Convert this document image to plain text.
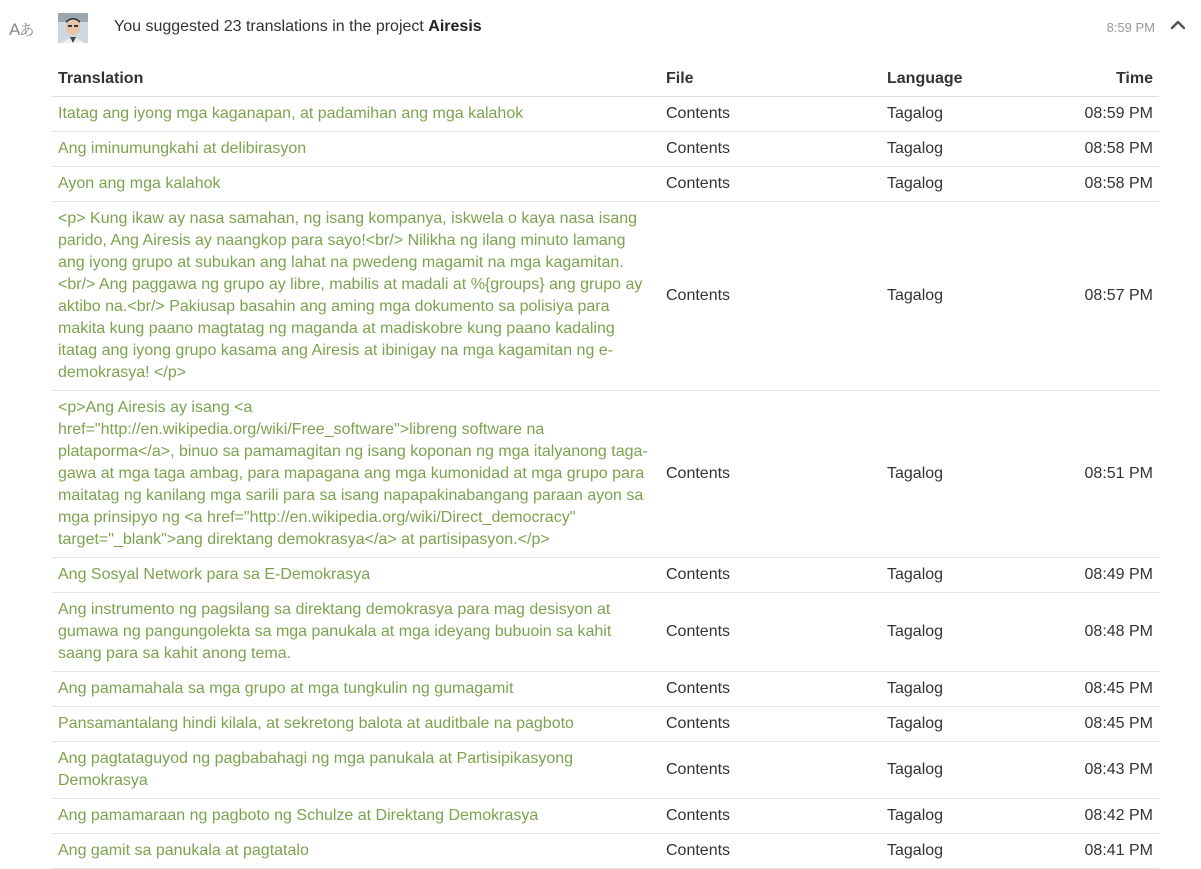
Aあ	You suggested 23 translations in the project Airesis	8:59 PM
Translation	File	Language	Time
Itatag ang iyong mga kaganapan, at padamihan ang mga kalahok	Contents	Tagalog	08:59 PM
Ang iminumungkahi at delibirasyon	Contents	Tagalog	08:58 PM
Ayon ang mga kalahok	Contents	Tagalog	08:58 PM
<p> Kung ikaw ay nasa samahan, ng isang kompanya, iskwela o kaya nasa isang parido, Ang Airesis ay naangkop para sayo!<br/> Nilikha ng ilang minuto lamang ang iyong grupo at subukan ang lahat na pwedeng magamit na mga kagamitan.<br/> Ang paggawa ng grupo ay libre, mabilis at madali at %{groups} ang grupo ay aktibo na.<br/> Pakiusap basahin ang aming mga dokumento sa polisiya para makita kung paano magtatag ng maganda at madiskobre kung paano kadaling itatag ang iyong grupo kasama ang Airesis at ibinigay na mga kagamitan ng e-demokrasya! </p>	Contents	Tagalog	08:57 PM
<p>Ang Airesis ay isang <a href="http://en.wikipedia.org/wiki/Free_software">libreng software na plataporma</a>, binuo sa pamamagitan ng isang koponan ng mga italyanong taga-gawa at mga taga ambag, para mapagana ang mga kumonidad at mga grupo para maitatag ng kanilang mga sarili para sa isang napapakinabangang paraan ayon sa mga prinsipyo ng <a href="http://en.wikipedia.org/wiki/Direct_democracy" target="_blank">ang direktang demokrasya</a> at partisipasyon.</p>	Contents	Tagalog	08:51 PM
Ang Sosyal Network para sa E-Demokrasya	Contents	Tagalog	08:49 PM
Ang instrumento ng pagsilang sa direktang demokrasya para mag desisyon at gumawa ng pangungolekta sa mga panukala at mga ideyang bubuoin sa kahit saang para sa kahit anong tema.	Contents	Tagalog	08:48 PM
Ang pamamahala sa mga grupo at mga tungkulin ng gumagamit	Contents	Tagalog	08:45 PM
Pansamantalang hindi kilala, at sekretong balota at auditbale na pagboto	Contents	Tagalog	08:45 PM
Ang pagtataguyod ng pagbabahagi ng mga panukala at Partisipikasyong Demokrasya	Contents	Tagalog	08:43 PM
Ang pamamaraan ng pagboto ng Schulze at Direktang Demokrasya	Contents	Tagalog	08:42 PM
Ang gamit sa panukala at pagtatalo	Contents	Tagalog	08:41 PM
